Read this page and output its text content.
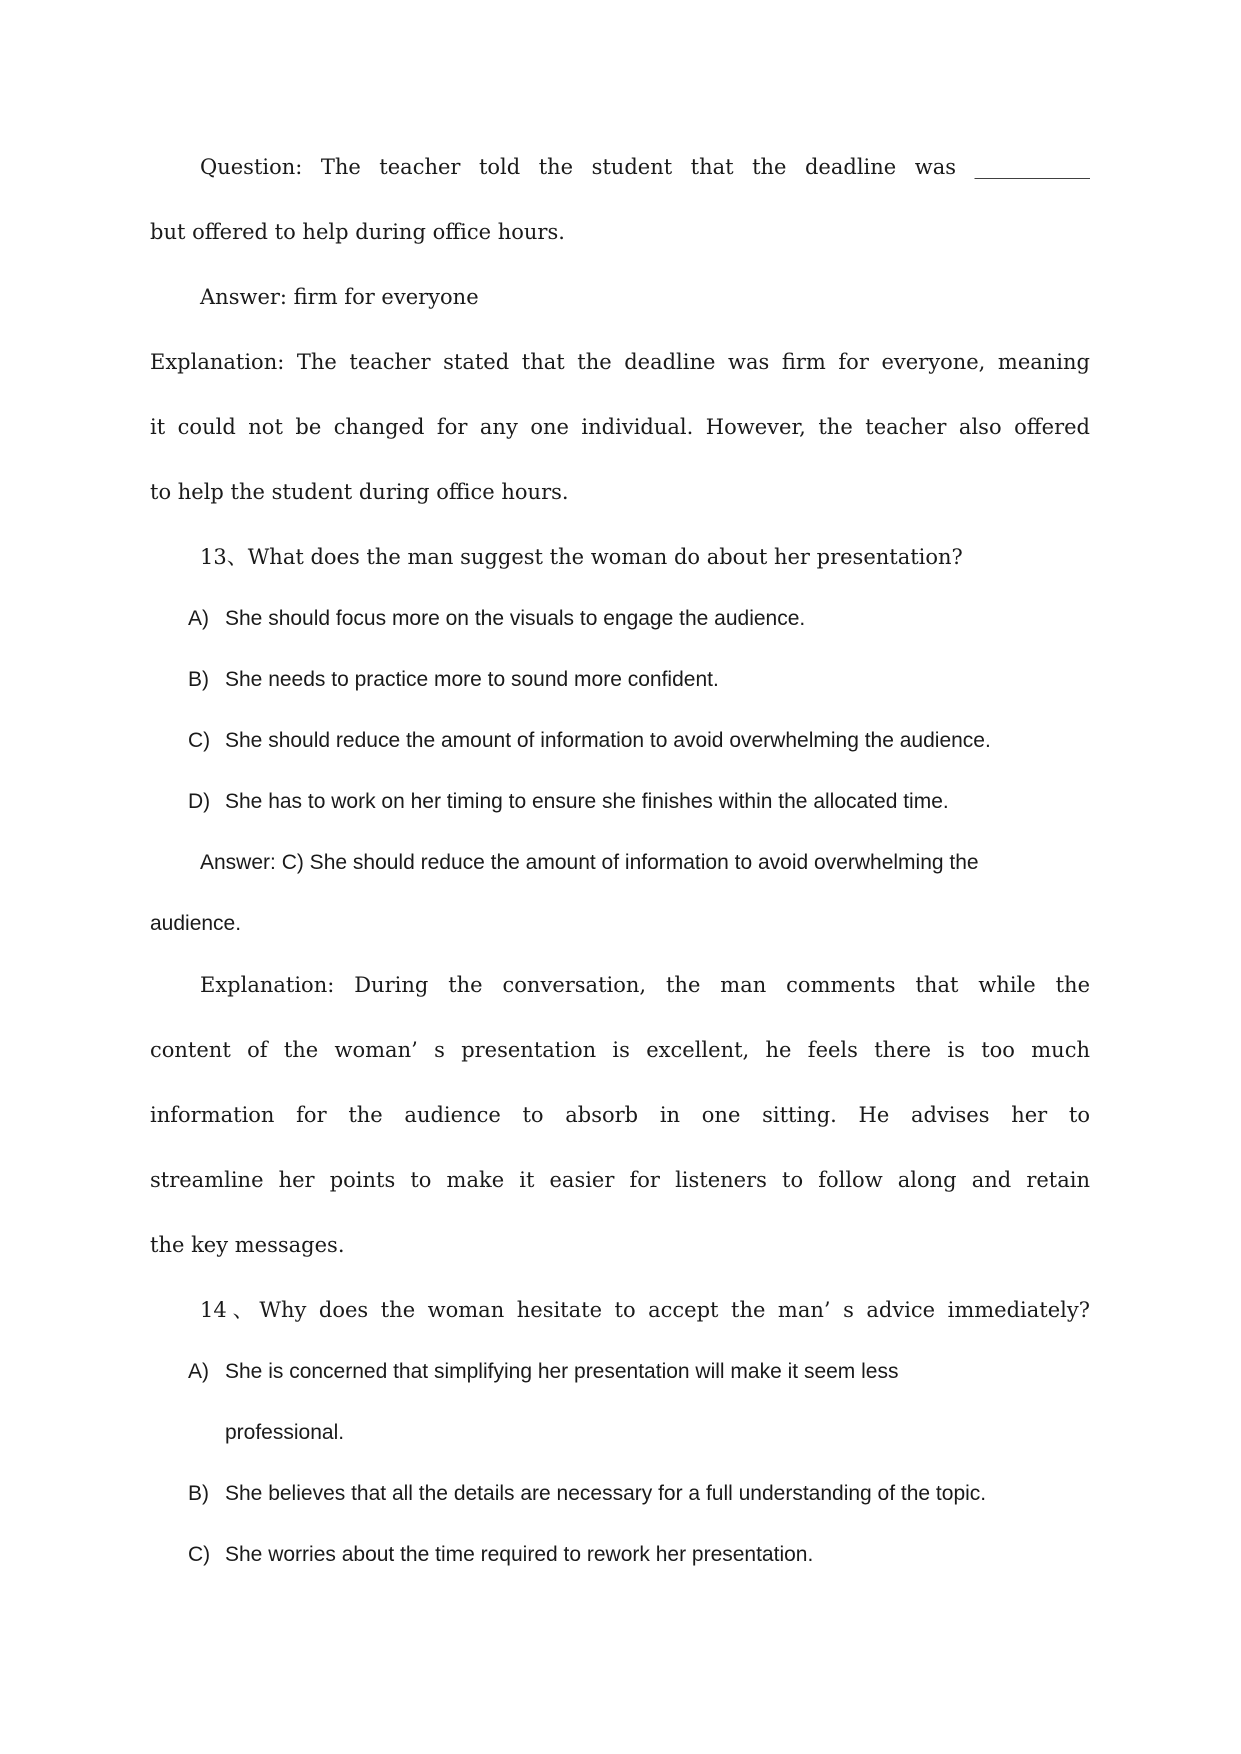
Question: The teacher told the student that the deadline was ___________
but offered to help during office hours.
Answer: firm for everyone
Explanation: The teacher stated that the deadline was firm for everyone, meaning
it could not be changed for any one individual. However, the teacher also offered
to help the student during office hours.
13、What does the man suggest the woman do about her presentation?
A) She should focus more on the visuals to engage the audience.
B) She needs to practice more to sound more confident.
C) She should reduce the amount of information to avoid overwhelming the audience.
D) She has to work on her timing to ensure she finishes within the allocated time.
Answer: C) She should reduce the amount of information to avoid overwhelming the
audience.
Explanation: During the conversation, the man comments that while the
content of the woman’ s presentation is excellent, he feels there is too much
information for the audience to absorb in one sitting. He advises her to
streamline her points to make it easier for listeners to follow along and retain
the key messages.
14、Why does the woman hesitate to accept the man’ s advice immediately?
A) She is concerned that simplifying her presentation will make it seem less
professional.
B) She believes that all the details are necessary for a full understanding of the topic.
C) She worries about the time required to rework her presentation.
